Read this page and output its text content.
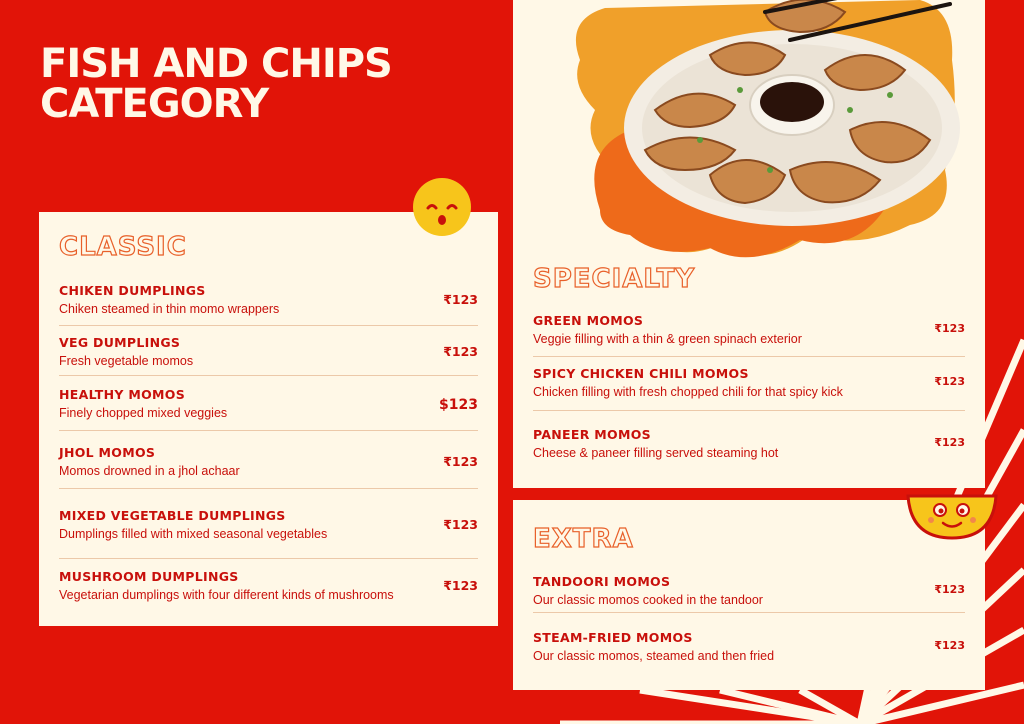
FISH AND CHIPS
CATEGORY
CLASSIC
CHIKEN DUMPLINGS
Chiken steamed in thin momo wrappers
₹123
VEG DUMPLINGS
Fresh vegetable momos
₹123
HEALTHY MOMOS
Finely chopped mixed veggies	$123
JHOL MOMOS
Momos drowned in a jhol achaar
₹123
MIXED VEGETABLE DUMPLINGS
Dumplings filled with mixed seasonal vegetables
₹123
MUSHROOM DUMPLINGS
Vegetarian dumplings with four different kinds of mushrooms
₹123
SPECIALTY
GREEN MOMOS
Veggie filling with a thin & green spinach exterior
₹123
SPICY CHICKEN CHILI MOMOS
Chicken filling with fresh chopped chili for that spicy kick
₹123
PANEER MOMOS
Cheese & paneer filling served steaming hot
₹123
EXTRA
TANDOORI MOMOS
Our classic momos cooked in the tandoor
₹123
STEAM-FRIED MOMOS
Our classic momos, steamed and then fried
₹123
